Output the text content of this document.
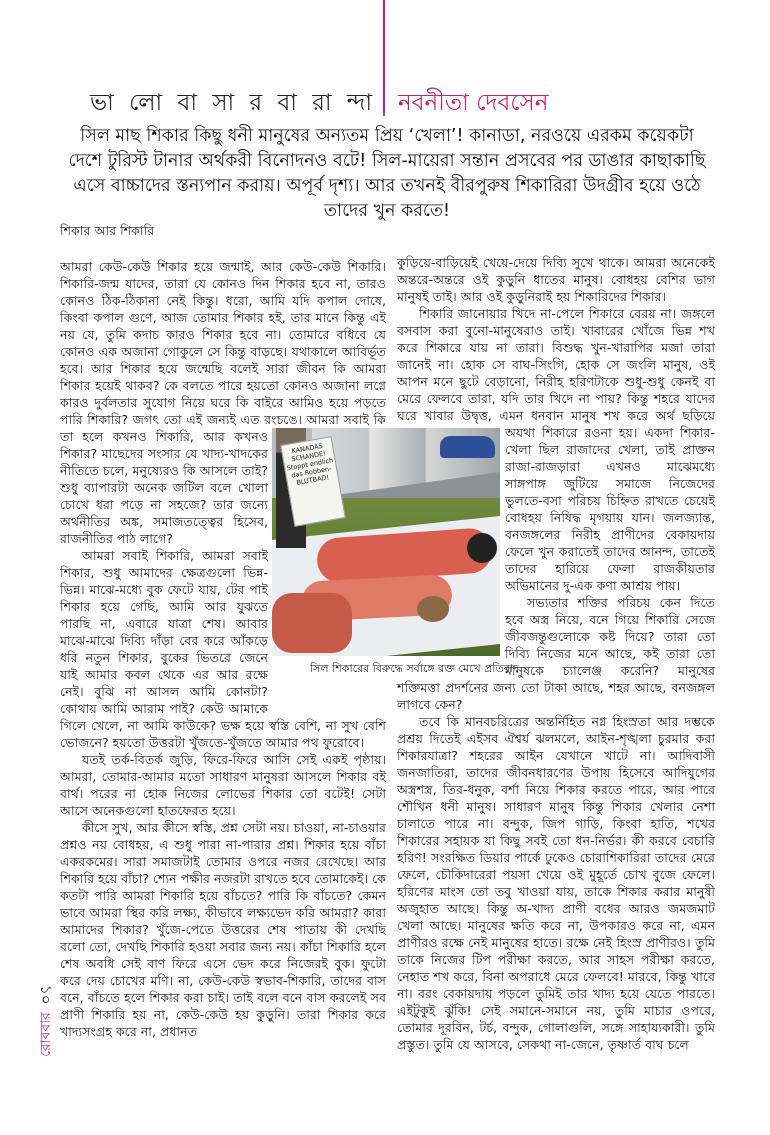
ভা লো বা সা র বা রা ন্দা নবনীতা দেবসেন
সিল মাছ শিকার কিছু ধনী মানুষের অন্যতম প্রিয় ‘খেলা’! কানাডা, নরওয়ে এরকম কয়েকটা দেশে টুরিস্ট টানার অর্থকরী বিনোদনও বটে! সিল-মায়েরা সন্তান প্রসবের পর ডাঙার কাছাকাছি এসে বাচ্চাদের স্তন্যপান করায়। অপূর্ব দৃশ্য। আর তখনই বীরপুরুষ শিকারিরা উদগ্রীব হয়ে ওঠে তাদের খুন করতে!

শিকার আর শিকারি

আমরা কেউ-কেউ শিকার হয়ে জন্মাই, আর কেউ-কেউ শিকারি। শিকারি-জন্ম যাদের, তারা যে কোনও দিন শিকার হবে না, তারও কোনও ঠিক-ঠিকানা নেই কিন্তু। ধরো, আমি যদি কপাল দোষে, কিংবা কপাল গুণে, আজ তোমার শিকার হই, তার মানে কিন্তু এই নয় যে, তুমি কদাচ কারও শিকার হবে না। তোমারে বধিবে যে কোনও এক অজানা গোকুলে সে কিন্তু বাড়ছে। যথাকালে আবির্ভূত হবে। আর শিকার হয়ে জন্মেছি বলেই সারা জীবন কি আমরা শিকার হয়েই থাকব? কে বলতে পারে হয়তো কোনও অজানা লগ্নে কারও দুর্বলতার সুযোগ নিয়ে ঘরে কি বাইরে আমিও হয়ে পড়তে পারি শিকারি? জগৎ তো এই জন্যই এত রংচঙে। আমরা সবাই কি তা হলে কখনও শিকারি, আর কখনও শিকার? মাছেদের সংসার যে খাদ্য-খাদকের নীতিতে চলে, মনুষ্যেরও কি আসলে তাই? শুধু ব্যাপারটা অনেক জটিল বলে খোলা চোখে ধরা পড়ে না সহজে? তার জন্যে অর্থনীতির অঙ্ক, সমাজতত্ত্বের হিসেব, রাজনীতির পাঠ লাগে?

আমরা সবাই শিকারি, আমরা সবাই শিকার, শুধু আমাদের ক্ষেত্রগুলো ভিন্ন-ভিন্ন। মাঝে-মধ্যে বুক ফেটে যায়, টের পাই শিকার হয়ে গেছি, আমি আর যুঝতে পারছি না, এবারে যাত্রা শেষ। আবার মাঝে-মাঝে দিব্যি দাঁড়া বের করে আঁকড়ে ধরি নতুন শিকার, বুকের ভিতরে জেনে যাই আমার কবল থেকে এর আর রক্ষে নেই। বুঝি না আসল আমি কোনটা? কোথায় আমি আরাম পাই? কেউ আমাকে গিলে খেলে, না আমি কাউকে? ভক্ষ হয়ে স্বস্তি বেশি, না সুখ বেশি ভোজনে? হয়তো উত্তরটা খুঁজতে-খুঁজতে আমার পথ ফুরোবে।

যতই তর্ক-বিতর্ক জুড়ি, ফিরে-ফিরে আসি সেই একই পৃষ্ঠায়। আমরা, তোমার-আমার মতো সাধারণ মানুষরা আসলে শিকার বই বার্থ। পরের না হোক নিজের লোভের শিকার তো বটেই! সেটা আসে অনেকগুলো হাতফেরত হয়ে।

কীসে সুখ, আর কীসে স্বস্তি, প্রশ্ন সেটা নয়। চাওয়া, না-চাওয়ার প্রশ্নও নয় বোধহয়, এ শুধু পারা না-পারার প্রশ্ন। শিকার হয়ে বাঁচা একরকমের। সারা সমাজটাই তোমার ওপরে নজর রেখেছে। আর শিকারি হয়ে বাঁচা? শ্যেন পক্ষীর নজরটা রাখতে হবে তোমাকেই। কে কতটা পারি আমরা শিকারি হয়ে বাঁচতে? পারি কি বাঁচতে? কেমন ভাবে আমরা স্থির করি লক্ষ্য, কীভাবে লক্ষ্যভেদ করি আমরা? কারা আমাদের শিকার? খুঁজে-পেতে উত্তরের শেষ পাতায় কী দেখছি বলো তো, দেখছি শিকারি হওয়া সবার জন্য নয়। কাঁচা শিকারি হলে শেষ অবধি সেই বাণ ফিরে এসে ভেদ করে নিজেরই বুক। ফুটো করে দেয় চোখের মণি। না, কেউ-কেউ স্বভাব-শিকারি, তাদের বাস বনে, বাঁচতে হলে শিকার করা চাই। তাই বলে বনে বাস করলেই সব প্রাণী শিকারি হয় না, কেউ-কেউ হয় কুড়ুনি। তারা শিকার করে খাদ্যসংগ্রহ করে না, প্রধানত

কুড়িয়ে-বাড়িয়েই খেয়ে-দেয়ে দিব্যি সুখে থাকে। আমরা অনেকেই অন্তরে-অন্তরে ওই কুড়ুনি ধাতের মানুষ। বোধহয় বেশির ভাগ মানুষই তাই। আর ওই কুড়ুনিরাই হয় শিকারিদের শিকার।

শিকারি জানোয়ার খিদে না-পেলে শিকারে বেরয় না। জঙ্গলে বসবাস করা বুনো-মানুষেরাও তাই। খাবারের খোঁজে ভিন্ন শখ করে শিকারে যায় না তারা। বিশুদ্ধ খুন-খারাপির মজা তারা জানেই না। হোক সে বাঘ-সিংগি, হোক সে জংলি মানুষ, ওই আপন মনে ছুটে বেড়ানো, নিরীহ হরিণটাকে শুধু-শুধু কেনই বা মেরে ফেলবে তারা, যদি তার খিদে না পায়? কিন্তু শহরে যাদের ঘরে খাবার উদ্বৃত্ত, এমন ধনবান মানুষ শখ করে অর্থ ছড়িয়ে অযথা শিকারে রওনা হয়। একদা শিকার-খেলা ছিল রাজাদের খেলা, তাই প্রাক্তন রাজা-রাজড়ারা এখনও মাঝেমধ্যে সাঙ্গপাঙ্গ জুটিয়ে সমাজে নিজেদের ভুলতে-বসা পরিচয় চিহ্নিত রাখতে চেয়েই বোধহয় নিষিদ্ধ মৃগয়ায় যান। জলজ্যান্ত, বনজঙ্গলের নিরীহ প্রাণীদের বেকায়দায় ফেলে খুন করাতেই তাদের আনন্দ, তাতেই তাদের হারিয়ে ফেলা রাজকীয়তার অভিমানের দু-এক কণা আশ্রয় পায়।

সভ্যতার শক্তির পরিচয় কেন দিতে হবে অস্ত্র নিয়ে, বনে গিয়ে শিকারি সেজে জীবজন্তুগুলোকে কষ্ট দিয়ে? তারা তো দিব্যি নিজের মনে আছে, কই তারা তো মানুষকে চ্যালেঞ্জ করেনি? মানুষের শক্তিমত্তা প্রদর্শনের জন্য তো টাকা আছে, শহর আছে, বনজঙ্গল লাগবে কেন?

তবে কি মানবচরিত্রের অন্তর্নিহিত নগ্ন হিংস্রতা আর দম্ভকে প্রশ্রয় দিতেই এইসব ঐশ্বর্য ঝলমলে, আইন-শৃঙ্খলা চুরমার করা শিকারযাত্রা? শহরের আইন যেখানে খাটে না। আদিবাসী জনজাতিরা, তাদের জীবনধারণের উপায় হিসেবে আদিযুগের অস্ত্রশস্ত্র, তির-ধনুক, বর্শা নিয়ে শিকার করতে পারে, আর পারে শৌখিন ধনী মানুষ। সাধারণ মানুষ কিন্তু শিকার খেলার নেশা চালাতে পারে না। বন্দুক, জিপ গাড়ি, কিংবা হাতি, শখের শিকারের সহায়ক যা কিছু সবই তো ধন-নির্ভর। কী করবে বেচারি হরিণ! সংরক্ষিত ডিয়ার পার্কে ঢুকেও চোরাশিকারিরা তাদের মেরে ফেলে, চৌকিদারেরা পয়সা খেয়ে ওই মুহূর্তে চোখ বুজে ফেলে। হরিণের মাংস তো তবু খাওয়া যায়, তাকে শিকার করার মানুষী অজুহাত আছে। কিন্তু অ-খাদ্য প্রাণী বধের আরও জমজমাট খেলা আছে। মানুষের ক্ষতি করে না, উপকারও করে না, এমন প্রাণীরও রক্ষে নেই মানুষের হাতে। রক্ষে নেই হিংস্র প্রাণীরও। তুমি তাকে নিজের টিপ পরীক্ষা করতে, আর সাহস পরীক্ষা করতে, নেহাত শখ করে, বিনা অপরাধে মেরে ফেলবে! মারবে, কিন্তু খাবে না। বরং বেকায়দায় পড়লে তুমিই তার খাদ্য হয়ে যেতে পারতে। এইটুকুই ঝুঁকি! সেই সমানে-সমানে নয়, তুমি মাচার ওপরে, তোমার দূরবিন, টর্চ, বন্দুক, গোলাগুলি, সঙ্গে সাহায্যকারী। তুমি প্রস্তুত। তুমি যে আসবে, সেকথা না-জেনে, তৃষ্ণার্ত বাঘ চলে

KANADAS SCHANDE! Stoppt endlich das Robben-BLUTBAD!
সিল শিকারের বিরুদ্ধে সর্বাঙ্গে রক্ত মেখে প্রতিবাদ
১০
রোববার
